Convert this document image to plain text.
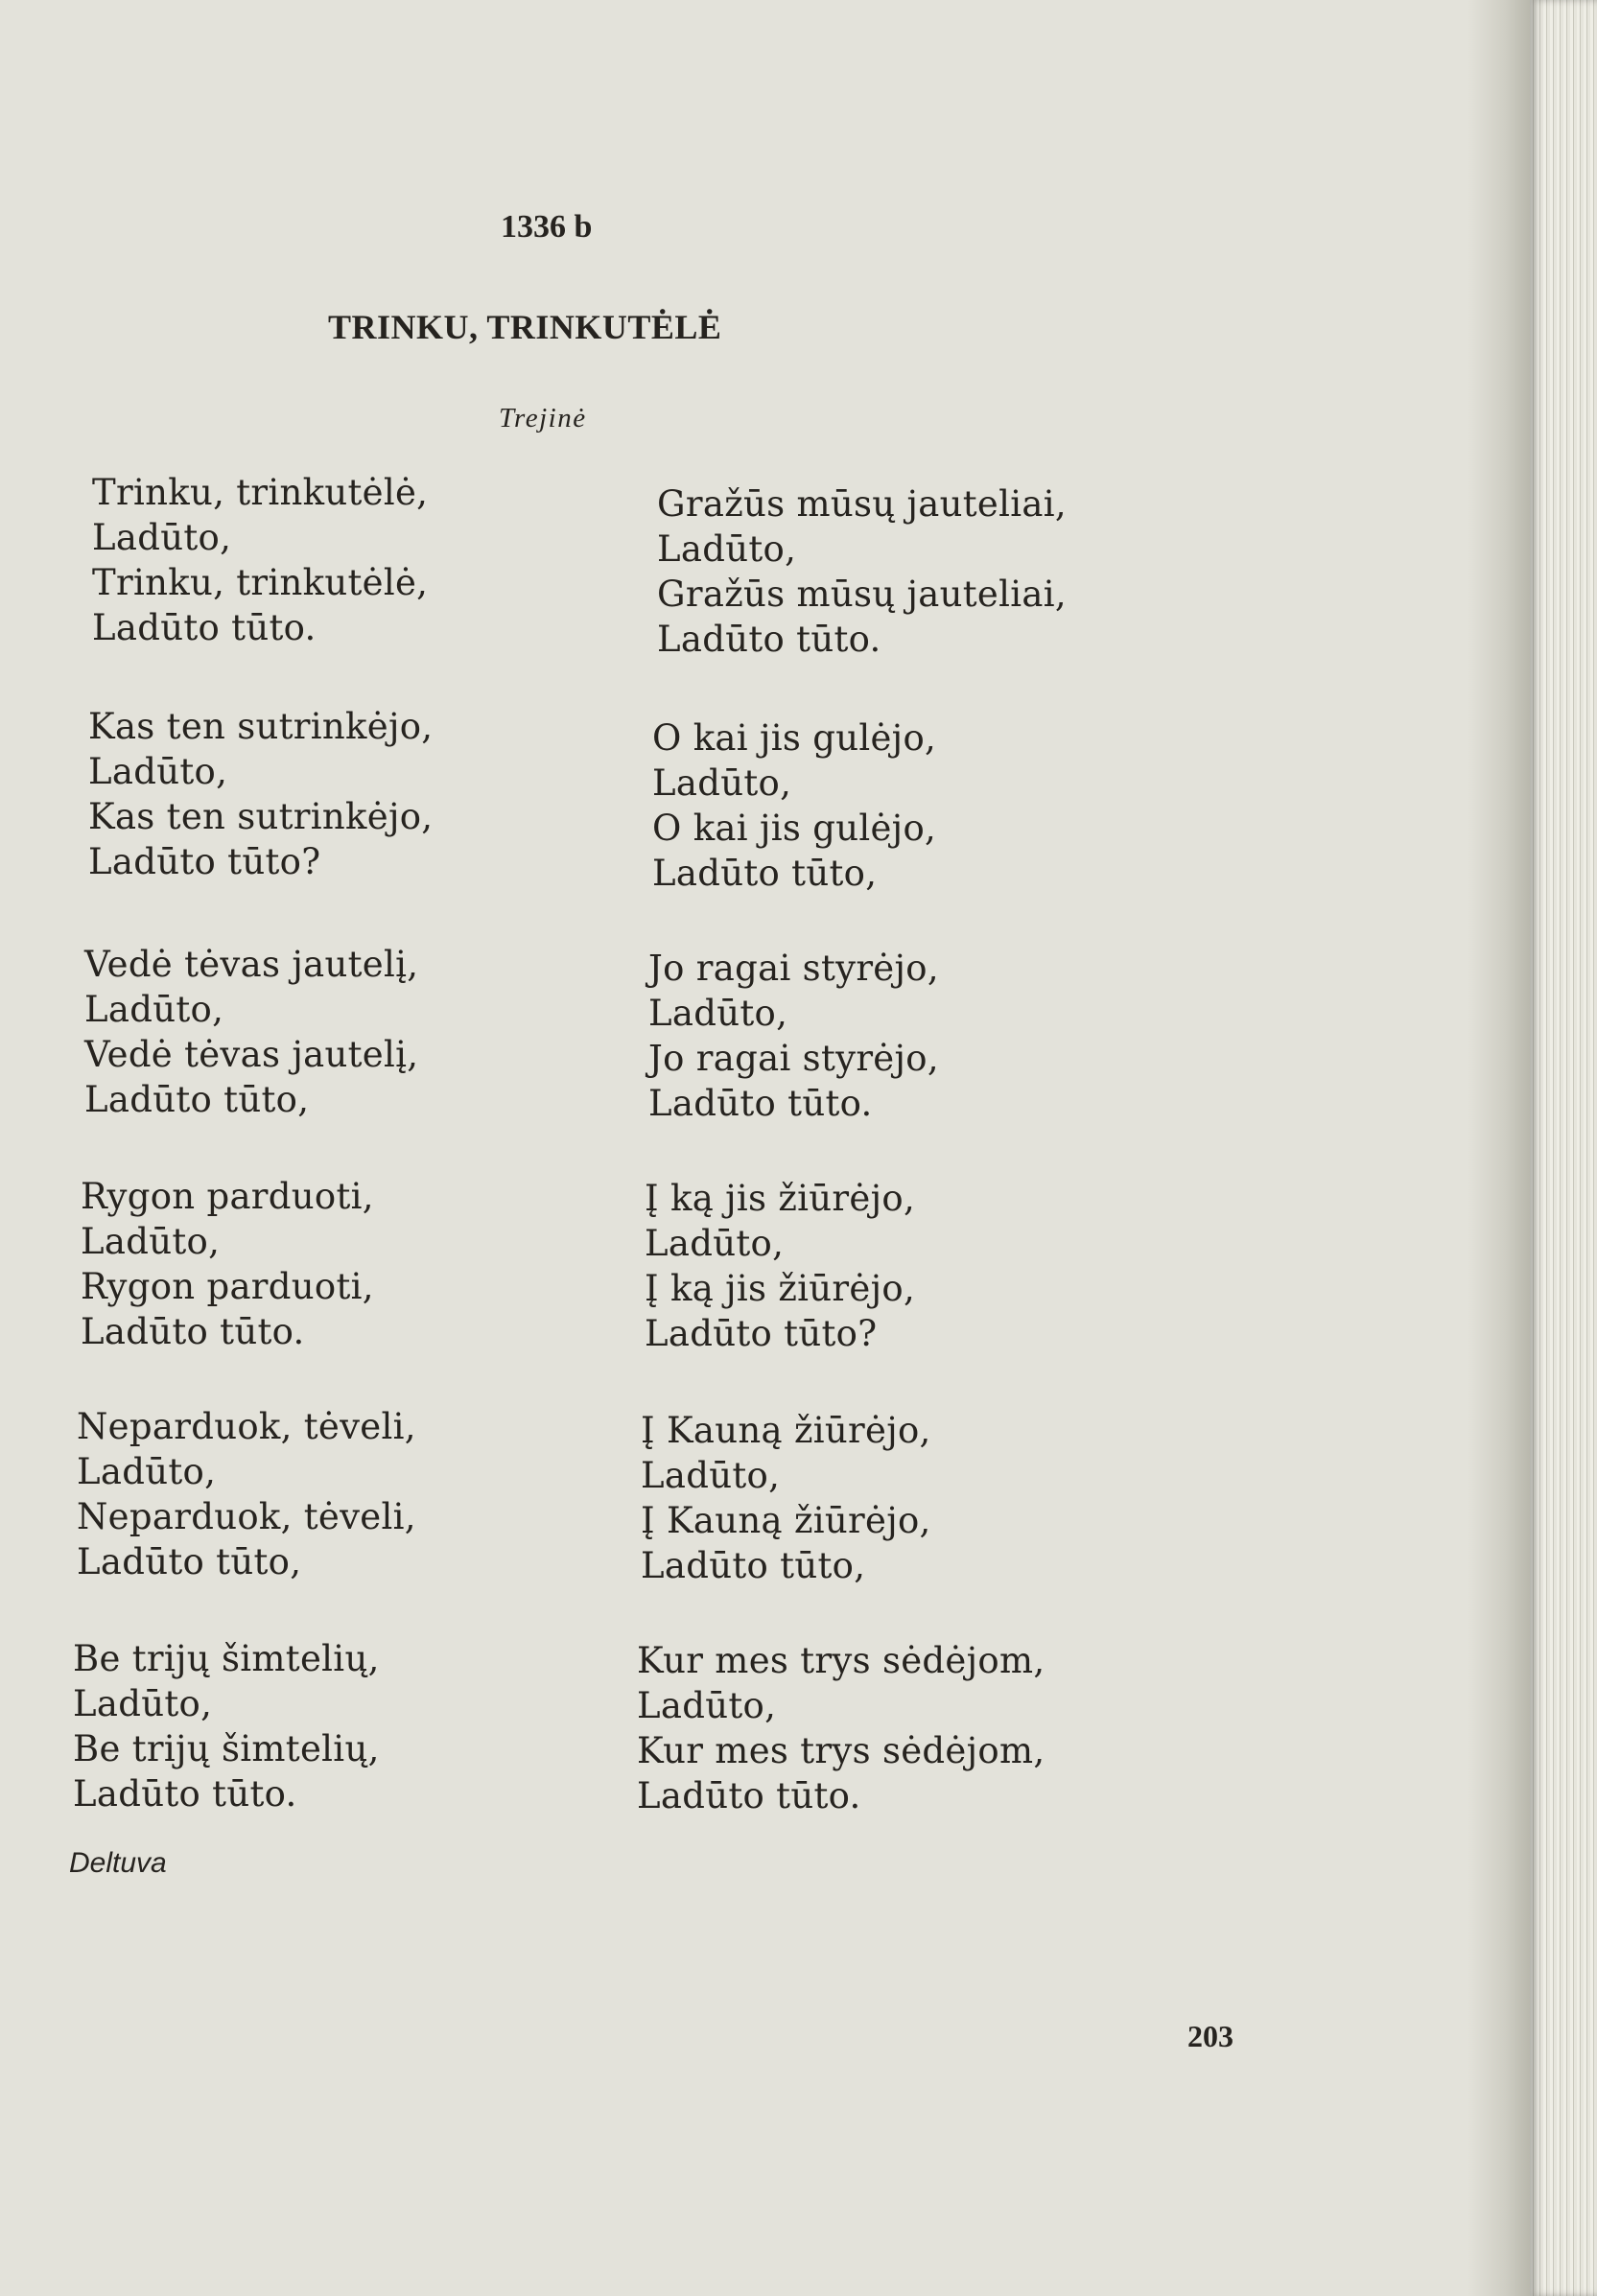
1336 b
TRINKU, TRINKUTĖLĖ
Trejinė
Trinku, trinkutėlė,
Ladūto,
Trinku, trinkutėlė,
Ladūto tūto.
Kas ten sutrinkėjo,
Ladūto,
Kas ten sutrinkėjo,
Ladūto tūto?
Vedė tėvas jautelį,
Ladūto,
Vedė tėvas jautelį,
Ladūto tūto,
Rygon parduoti,
Ladūto,
Rygon parduoti,
Ladūto tūto.
Neparduok, tėveli,
Ladūto,
Neparduok, tėveli,
Ladūto tūto,
Be trijų šimtelių,
Ladūto,
Be trijų šimtelių,
Ladūto tūto.
Gražūs mūsų jauteliai,
Ladūto,
Gražūs mūsų jauteliai,
Ladūto tūto.
O kai jis gulėjo,
Ladūto,
O kai jis gulėjo,
Ladūto tūto,
Jo ragai styrėjo,
Ladūto,
Jo ragai styrėjo,
Ladūto tūto.
Į ką jis žiūrėjo,
Ladūto,
Į ką jis žiūrėjo,
Ladūto tūto?
Į Kauną žiūrėjo,
Ladūto,
Į Kauną žiūrėjo,
Ladūto tūto,
Kur mes trys sėdėjom,
Ladūto,
Kur mes trys sėdėjom,
Ladūto tūto.
Deltuva
203
